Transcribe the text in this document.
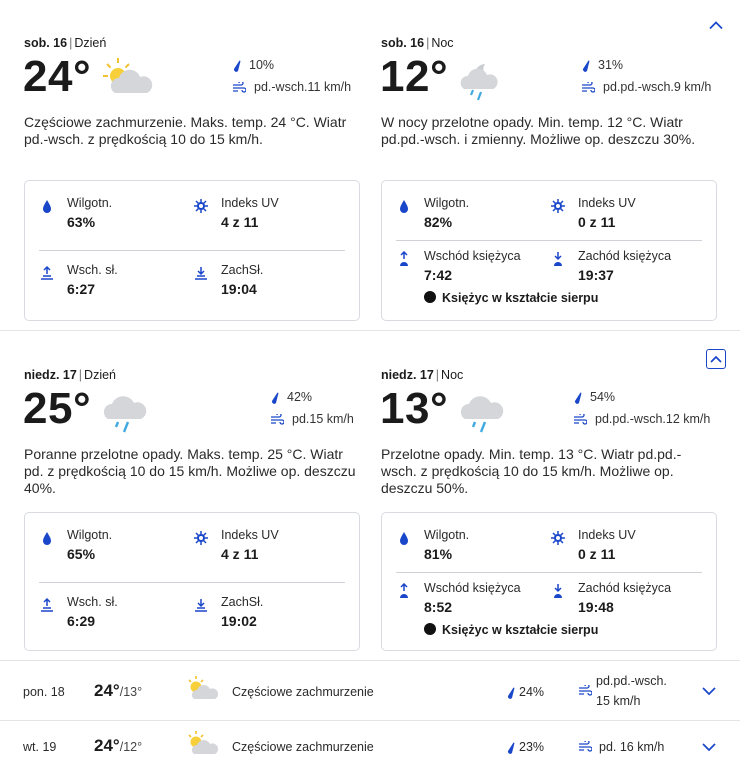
sob. 16 | Dzień
24°	10%
pd.-wsch.11 km/h
Częściowe zachmurzenie. Maks. temp. 24 °C. Wiatr pd.-wsch. z prędkością 10 do 15 km/h.
Wilgotn.
63%
Indeks UV
4 z 11
Wsch. sł.
6:27
ZachSł.
19:04
sob. 16 | Noc
12°	31%
pd.pd.-wsch.9 km/h
W nocy przelotne opady. Min. temp. 12 °C. Wiatr pd.pd.-wsch. i zmienny. Możliwe op. deszczu 30%.
Wilgotn.
82%
Indeks UV
0 z 11
Wschód księżyca
7:42
Zachód księżyca
19:37
Księżyc w kształcie sierpu
niedz. 17 | Dzień
25°	42%
pd.15 km/h
Poranne przelotne opady. Maks. temp. 25 °C. Wiatr pd. z prędkością 10 do 15 km/h. Możliwe op. deszczu 40%.
Wilgotn.
65%
Indeks UV
4 z 11
Wsch. sł.
6:29
ZachSł.
19:02
niedz. 17 | Noc
13°	54%
pd.pd.-wsch.12 km/h
Przelotne opady. Min. temp. 13 °C. Wiatr pd.pd.-wsch. z prędkością 10 do 15 km/h. Możliwe op. deszczu 50%.
Wilgotn.
81%
Indeks UV
0 z 11
Wschód księżyca
8:52
Zachód księżyca
19:48
Księżyc w kształcie sierpu
pon. 18 24°/13°	Częściowe zachmurzenie	24%
pd.pd.-wsch.
15 km/h
wt. 19 24°/12°	Częściowe zachmurzenie	23%	pd. 16 km/h
